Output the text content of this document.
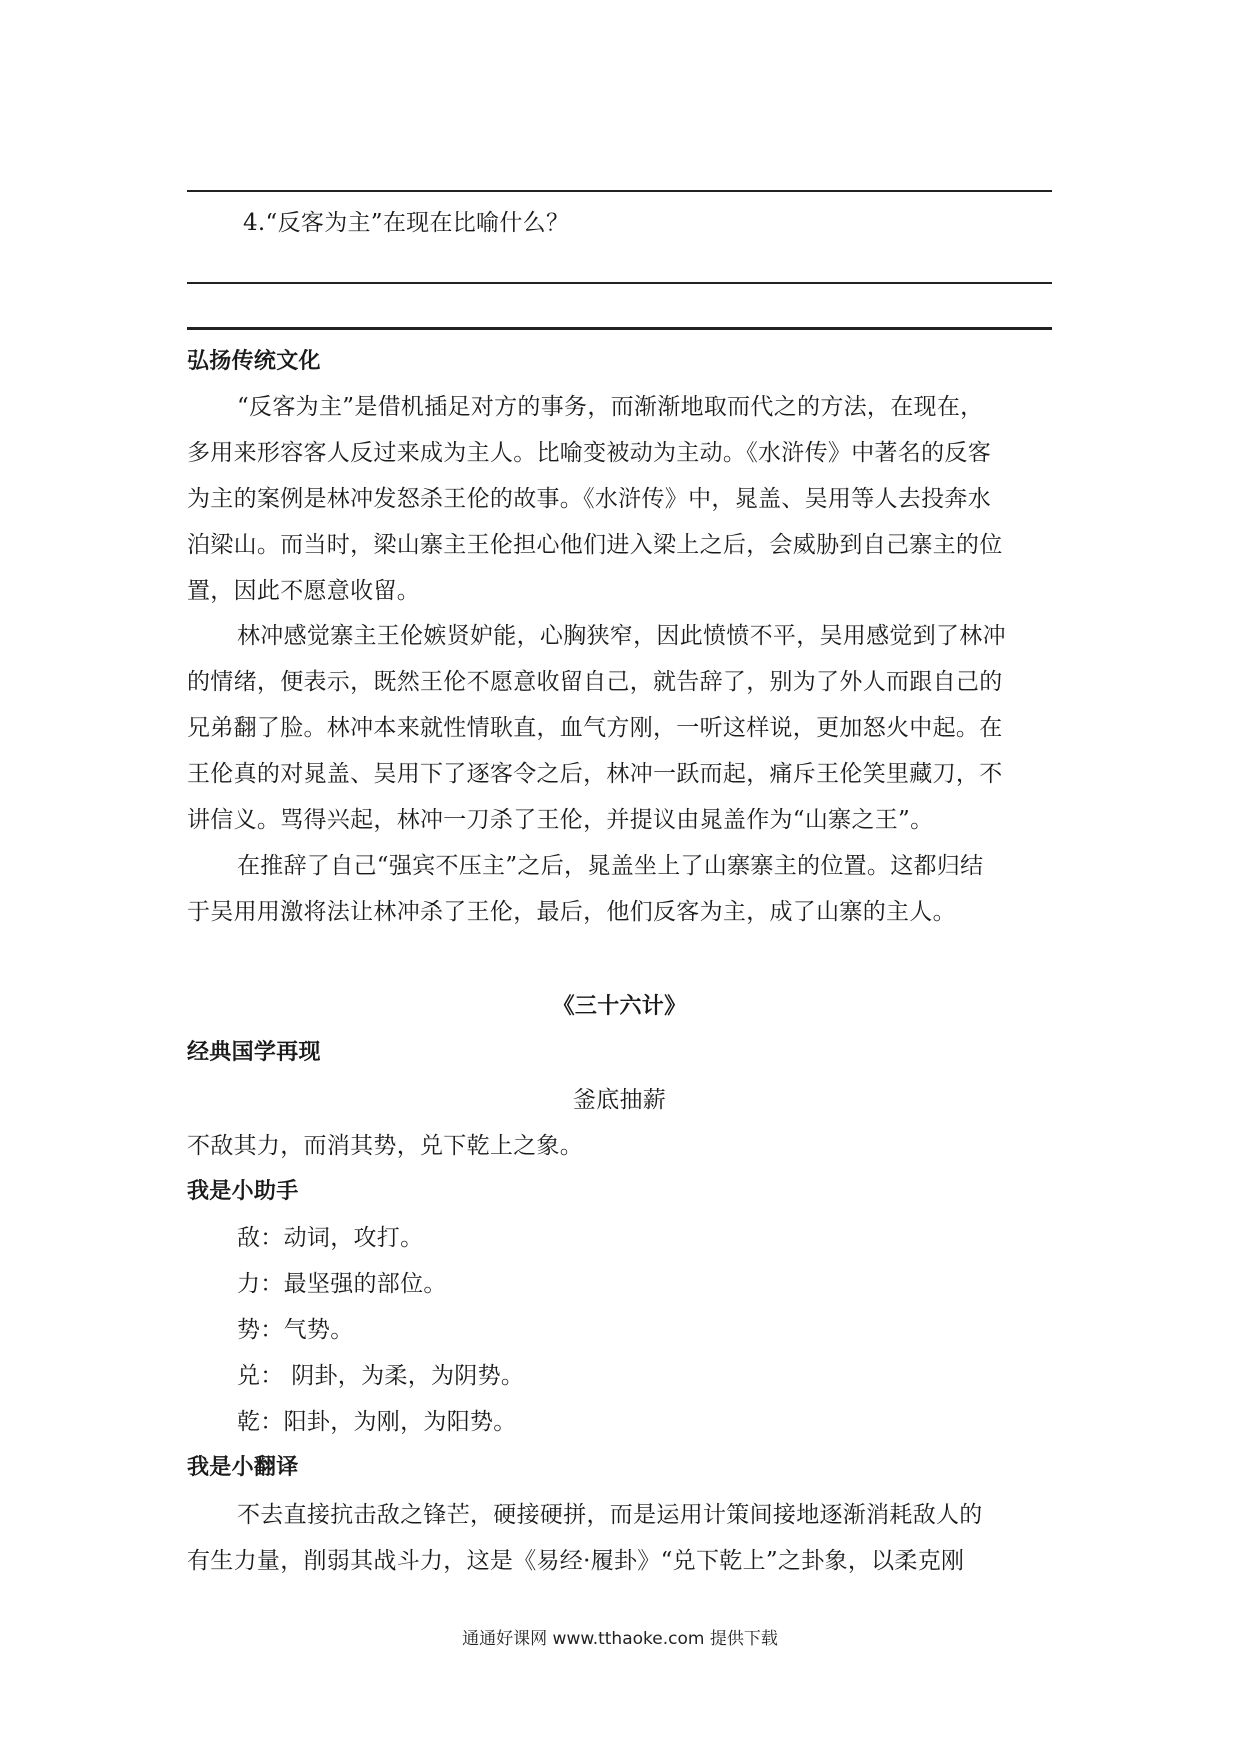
4.“反客为主”在现在比喻什么？
弘扬传统文化
“反客为主”是借机插足对方的事务，而渐渐地取而代之的方法，在现在，
多用来形容客人反过来成为主人。比喻变被动为主动。《水浒传》中著名的反客
为主的案例是林冲发怒杀王伦的故事。《水浒传》中，晁盖、吴用等人去投奔水
泊梁山。而当时，梁山寨主王伦担心他们进入梁上之后，会威胁到自己寨主的位
置，因此不愿意收留。
林冲感觉寨主王伦嫉贤妒能，心胸狭窄，因此愤愤不平，吴用感觉到了林冲
的情绪，便表示，既然王伦不愿意收留自己，就告辞了，别为了外人而跟自己的
兄弟翻了脸。林冲本来就性情耿直，血气方刚，一听这样说，更加怒火中起。在
王伦真的对晁盖、吴用下了逐客令之后，林冲一跃而起，痛斥王伦笑里藏刀，不
讲信义。骂得兴起，林冲一刀杀了王伦，并提议由晁盖作为“山寨之王”。
在推辞了自己“强宾不压主”之后，晁盖坐上了山寨寨主的位置。这都归结
于吴用用激将法让林冲杀了王伦，最后，他们反客为主，成了山寨的主人。
《三十六计》
经典国学再现
釜底抽薪
不敌其力，而消其势，兑下乾上之象。
我是小助手
敌：动词，攻打。
力：最坚强的部位。
势：气势。
兑： 阴卦，为柔，为阴势。
乾：阳卦，为刚，为阳势。
我是小翻译
不去直接抗击敌之锋芒，硬接硬拼，而是运用计策间接地逐渐消耗敌人的
有生力量，削弱其战斗力，这是《易经·履卦》“兑下乾上”之卦象，以柔克刚
通通好课网 www.tthaoke.com 提供下载
